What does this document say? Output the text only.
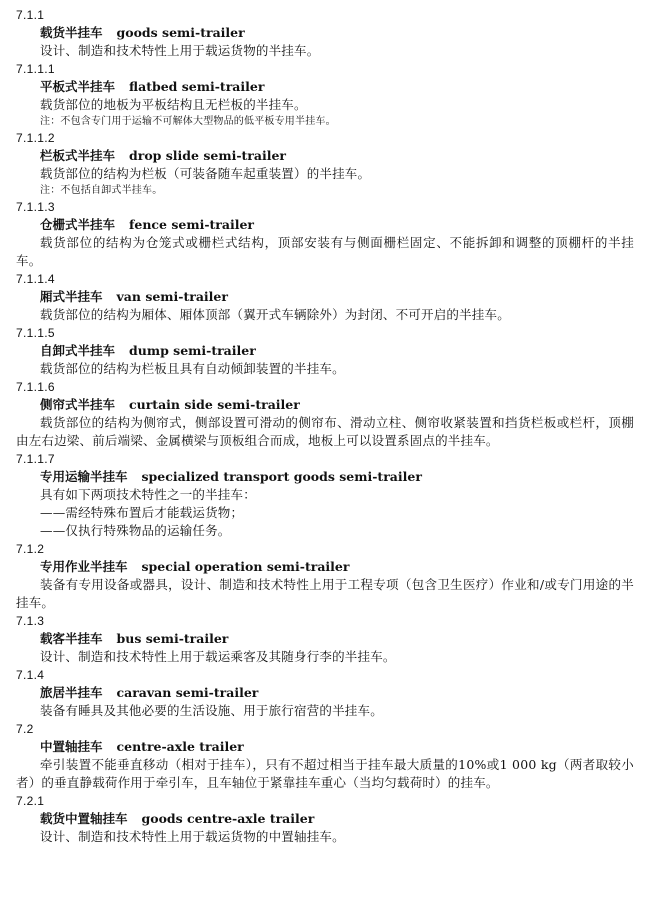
7.1.1
载货半挂车 goods semi-trailer

设计、制造和技术特性上用于载运货物的半挂车。

7.1.1.1
平板式半挂车 flatbed semi-trailer

载货部位的地板为平板结构且无栏板的半挂车。

注：不包含专门用于运输不可解体大型物品的低平板专用半挂车。
7.1.1.2
栏板式半挂车 drop slide semi-trailer

载货部位的结构为栏板（可装备随车起重装置）的半挂车。

注：不包括自卸式半挂车。
7.1.1.3
仓栅式半挂车 fence semi-trailer

载货部位的结构为仓笼式或栅栏式结构，顶部安装有与侧面栅栏固定、不能拆卸和调整的顶棚杆的半挂车。

7.1.1.4
厢式半挂车 van semi-trailer

载货部位的结构为厢体、厢体顶部（翼开式车辆除外）为封闭、不可开启的半挂车。

7.1.1.5
自卸式半挂车 dump semi-trailer

载货部位的结构为栏板且具有自动倾卸装置的半挂车。

7.1.1.6
侧帘式半挂车 curtain side semi-trailer

载货部位的结构为侧帘式，侧部设置可滑动的侧帘布、滑动立柱、侧帘收紧装置和挡货栏板或栏杆，顶棚由左右边梁、前后端梁、金属横梁与顶板组合而成，地板上可以设置系固点的半挂车。

7.1.1.7
专用运输半挂车 specialized transport goods semi-trailer

具有如下两项技术特性之一的半挂车：

——需经特殊布置后才能载运货物；
——仅执行特殊物品的运输任务。
7.1.2
专用作业半挂车 special operation semi-trailer

装备有专用设备或器具，设计、制造和技术特性上用于工程专项（包含卫生医疗）作业和/或专门用途的半挂车。

7.1.3
载客半挂车 bus semi-trailer

设计、制造和技术特性上用于载运乘客及其随身行李的半挂车。

7.1.4
旅居半挂车 caravan semi-trailer

装备有睡具及其他必要的生活设施、用于旅行宿营的半挂车。

7.2
中置轴挂车 centre-axle trailer

牵引装置不能垂直移动（相对于挂车），只有不超过相当于挂车最大质量的10%或1 000 kg（两者取较小者）的垂直静载荷作用于牵引车，且车轴位于紧靠挂车重心（当均匀载荷时）的挂车。

7.2.1
载货中置轴挂车 goods centre-axle trailer

设计、制造和技术特性上用于载运货物的中置轴挂车。
